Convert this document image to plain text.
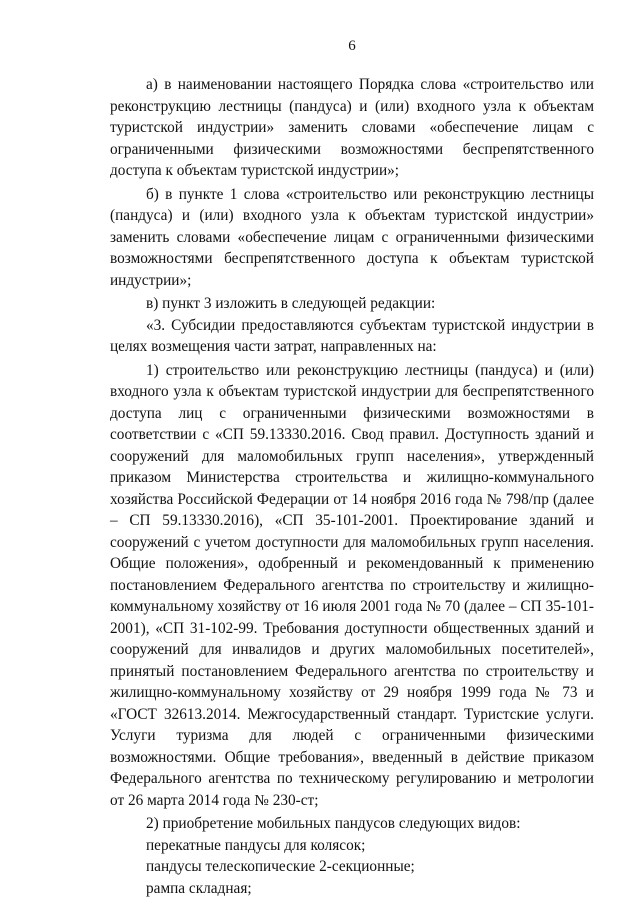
6

а) в наименовании настоящего Порядка слова «строительство или реконструкцию лестницы (пандуса) и (или) входного узла к объектам туристской индустрии» заменить словами «обеспечение лицам с ограниченными физическими возможностями беспрепятственного доступа к объектам туристской индустрии»;

б) в пункте 1 слова «строительство или реконструкцию лестницы (пандуса) и (или) входного узла к объектам туристской индустрии» заменить словами «обеспечение лицам с ограниченными физическими возможностями беспрепятственного доступа к объектам туристской индустрии»;

в) пункт 3 изложить в следующей редакции:

«3. Субсидии предоставляются субъектам туристской индустрии в целях возмещения части затрат, направленных на:

1) строительство или реконструкцию лестницы (пандуса) и (или) входного узла к объектам туристской индустрии для беспрепятственного доступа лиц с ограниченными физическими возможностями в соответствии с «СП 59.13330.2016. Свод правил. Доступность зданий и сооружений для маломобильных групп населения», утвержденный приказом Министерства строительства и жилищно-коммунального хозяйства Российской Федерации от 14 ноября 2016 года № 798/пр (далее – СП 59.13330.2016), «СП 35-101-2001. Проектирование зданий и сооружений с учетом доступности для маломобильных групп населения. Общие положения», одобренный и рекомендованный к применению постановлением Федерального агентства по строительству и жилищно-коммунальному хозяйству от 16 июля 2001 года № 70 (далее – СП 35-101-2001), «СП 31-102-99. Требования доступности общественных зданий и сооружений для инвалидов и других маломобильных посетителей», принятый постановлением Федерального агентства по строительству и жилищно-коммунальному хозяйству от 29 ноября 1999 года № 73 и «ГОСТ 32613.2014. Межгосударственный стандарт. Туристские услуги. Услуги туризма для людей с ограниченными физическими возможностями. Общие требования», введенный в действие приказом Федерального агентства по техническому регулированию и метрологии от 26 марта 2014 года № 230-ст;

2) приобретение мобильных пандусов следующих видов:

перекатные пандусы для колясок;

пандусы телескопические 2-секционные;

рампа складная;
